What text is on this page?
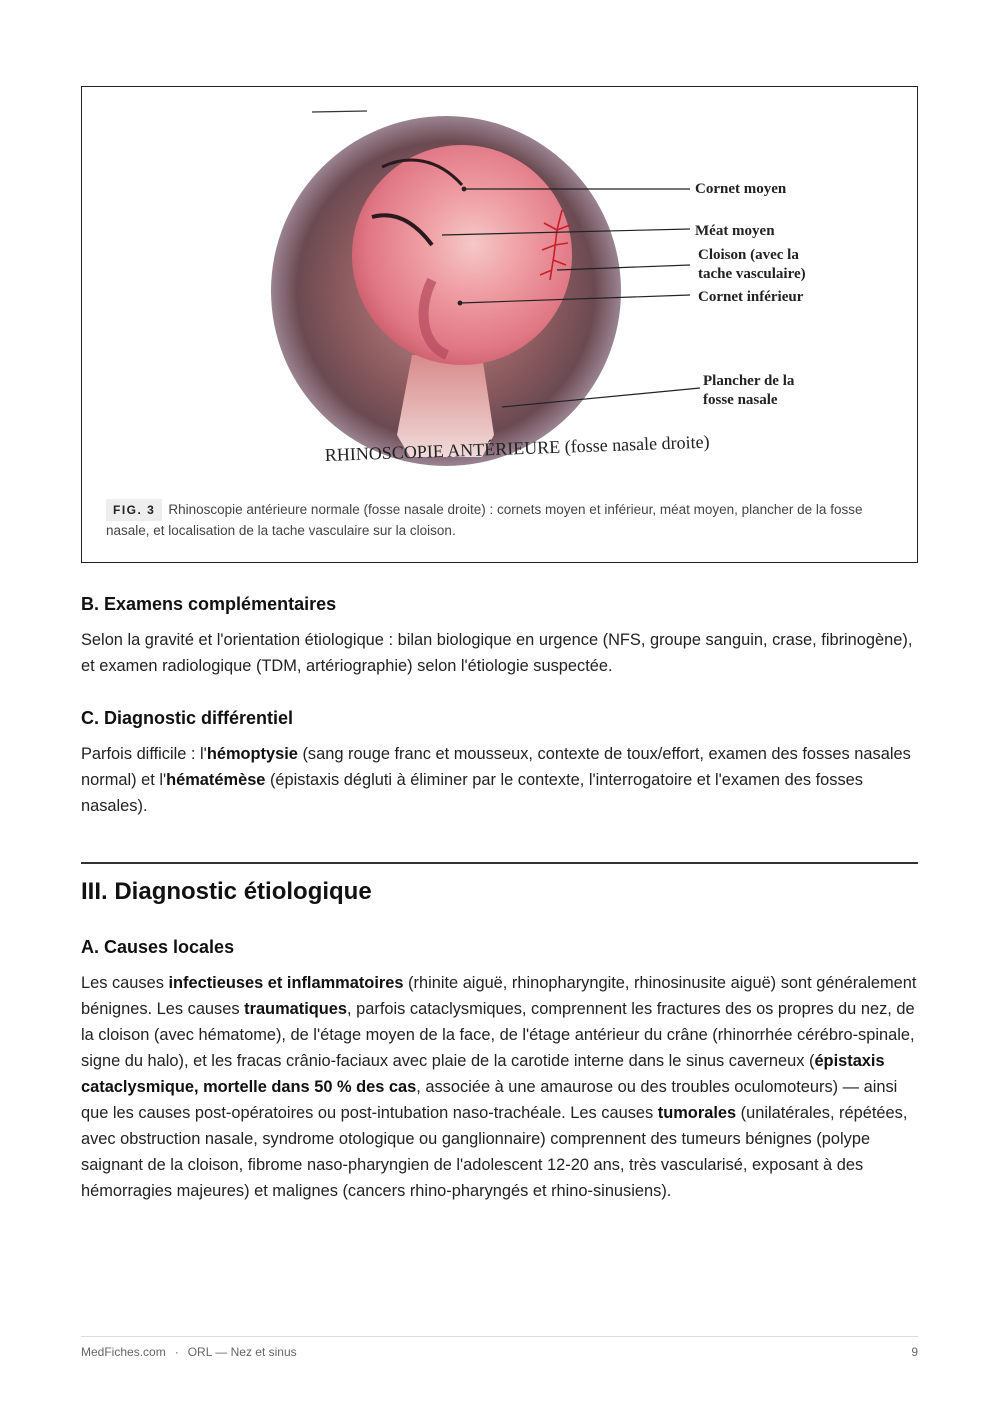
Cornet moyen
Méat moyen
Cloison (avec la
tache vasculaire)
Cornet inférieur
Plancher de la
fosse nasale
RHINOSCOPIE ANTÉRIEURE (fosse nasale droite)
FIG. 3 Rhinoscopie antérieure normale (fosse nasale droite) : cornets moyen et inférieur, méat moyen, plancher de la fosse nasale, et localisation de la tache vasculaire sur la cloison.
B. Examens complémentaires

Selon la gravité et l'orientation étiologique : bilan biologique en urgence (NFS, groupe sanguin, crase, fibrinogène), et examen radiologique (TDM, artériographie) selon l'étiologie suspectée.

C. Diagnostic différentiel

Parfois difficile : l'hémoptysie (sang rouge franc et mousseux, contexte de toux/effort, examen des fosses nasales normal) et l'hématémèse (épistaxis dégluti à éliminer par le contexte, l'interrogatoire et l'examen des fosses nasales).

III. Diagnostic étiologique
A. Causes locales

Les causes infectieuses et inflammatoires (rhinite aiguë, rhinopharyngite, rhinosinusite aiguë) sont généralement bénignes. Les causes traumatiques, parfois cataclysmiques, comprennent les fractures des os propres du nez, de la cloison (avec hématome), de l'étage moyen de la face, de l'étage antérieur du crâne (rhinorrhée cérébro-spinale, signe du halo), et les fracas crânio-faciaux avec plaie de la carotide interne dans le sinus caverneux (épistaxis cataclysmique, mortelle dans 50 % des cas, associée à une amaurose ou des troubles oculomoteurs) — ainsi que les causes post-opératoires ou post-intubation naso-trachéale. Les causes tumorales (unilatérales, répétées, avec obstruction nasale, syndrome otologique ou ganglionnaire) comprennent des tumeurs bénignes (polype saignant de la cloison, fibrome naso-pharyngien de l'adolescent 12-20 ans, très vascularisé, exposant à des hémorragies majeures) et malignes (cancers rhino-pharyngés et rhino-sinusiens).

MedFiches.com · ORL — Nez et sinus	9
